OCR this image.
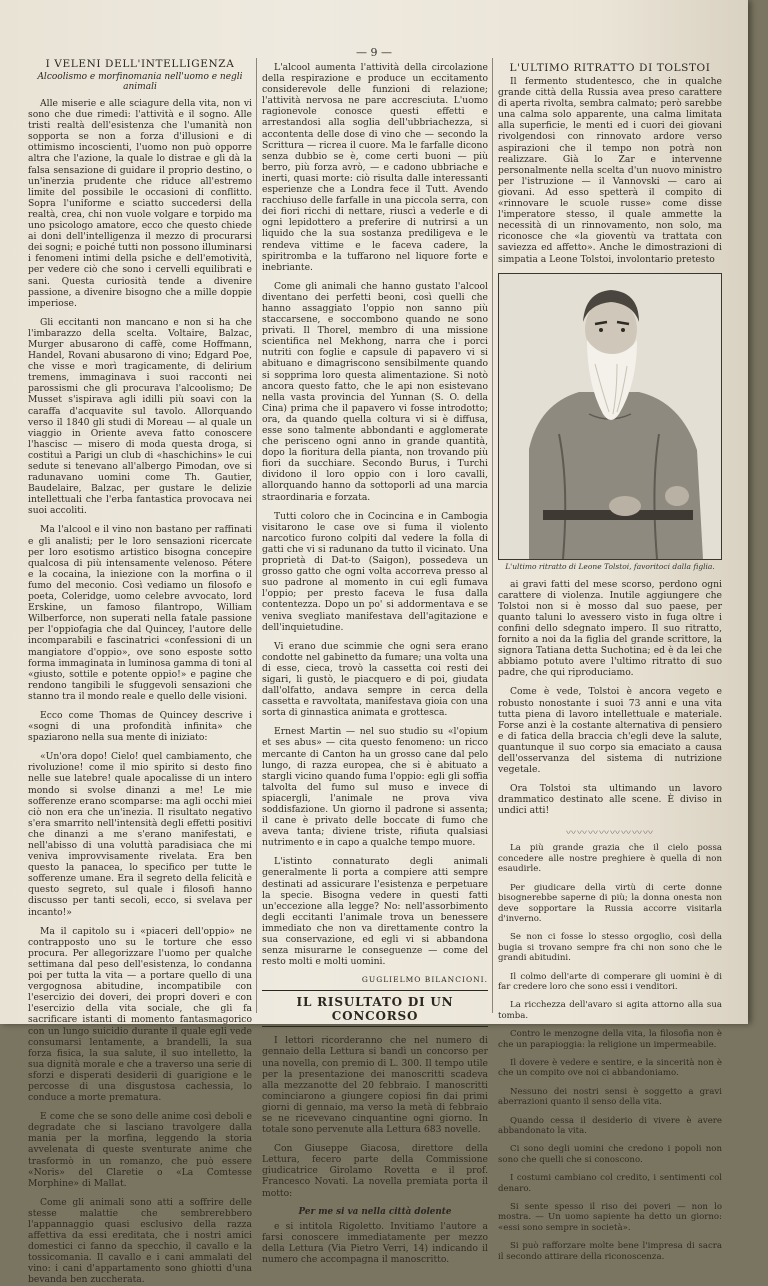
— 9 —
I VELENI DELL'INTELLIGENZA
Alcoolismo e morfinomania nell'uomo e negli animali

Alle miserie e alle sciagure della vita, non vi sono che due rimedi: l'attività e il sogno. Alle tristi realtà dell'esistenza che l'umanità non sopporta se non a forza d'illusioni e di ottimismo incoscienti, l'uomo non può opporre altra che l'azione, la quale lo distrae e gli dà la falsa sensazione di guidare il proprio destino, o un'inerzia prudente che riduce all'estremo limite del possibile le occasioni di conflitto. Sopra l'uniforme e sciatto succedersi della realtà, crea, chi non vuole volgare e torpido ma uno psicologo amatore, ecco che questo chiede ai doni dell'intelligenza il mezzo di procurarsi dei sogni; e poiché tutti non possono illuminarsi i fenomeni intimi della psiche e dell'emotività, per vedere ciò che sono i cervelli equilibrati e sani. Questa curiosità tende a divenire passione, a divenire bisogno che a mille doppie imperiose.

Gli eccitanti non mancano e non si ha che l'imbarazzo della scelta. Voltaire, Balzac, Murger abusarono di caffè, come Hoffmann, Handel, Rovani abusarono di vino; Edgard Poe, che visse e morì tragicamente, di delirium tremens, immaginava i suoi racconti nei parossismi che gli procurava l'alcoolismo; De Musset s'ispirava agli idilli più soavi con la caraffa d'acquavite sul tavolo. Allorquando verso il 1840 gli studi di Moreau — al quale un viaggio in Oriente aveva fatto conoscere l'hascisc — misero di moda questa droga, si costituì a Parigi un club di «haschichins» le cui sedute si tenevano all'albergo Pimodan, ove si radunavano uomini come Th. Gautier, Baudelaire, Balzac, per gustare le delizie intellettuali che l'erba fantastica provocava nei suoi accoliti.

Ma l'alcool e il vino non bastano per raffinati e gli analisti; per le loro sensazioni ricercate per loro esotismo artistico bisogna concepire qualcosa di più intensamente velenoso. Pétere e la cocaina, la iniezione con la morfina o il fumo del meconio. Così vediamo un filosofo e poeta, Coleridge, uomo celebre avvocato, lord Erskine, un famoso filantropo, William Wilberforce, non superati nella fatale passione per l'oppiofagia che dal Quincey, l'autore delle incomparabili e fascinatrici «confessioni di un mangiatore d'oppio», ove sono esposte sotto forma immaginata in luminosa gamma di toni al «giusto, sottile e potente oppio!» e pagine che rendono tangibili le sfuggevoli sensazioni che stanno tra il mondo reale e quello delle visioni.

Ecco come Thomas de Quincey descrive i «sogni di una profondità infinita» che spaziarono nella sua mente di iniziato:

«Un'ora dopo! Cielo! quel cambiamento, che rivoluzione! come il mio spirito si desto fino nelle sue latebre! quale apocalisse di un intero mondo si svolse dinanzi a me! Le mie sofferenze erano scomparse: ma agli occhi miei ciò non era che un'inezia. Il risultato negativo s'era smarrito nell'intensità degli effetti positivi che dinanzi a me s'erano manifestati, e nell'abisso di una voluttà paradisiaca che mi veniva improvvisamente rivelata. Era ben questo la panacea, lo specifico per tutte le sofferenze umane. Era il segreto della felicità e questo segreto, sul quale i filosofi hanno discusso per tanti secoli, ecco, si svelava per incanto!»

Ma il capitolo su i «piaceri dell'oppio» ne contrapposto uno su le torture che esso procura. Per allegorizzare l'uomo per qualche settimana dal peso dell'esistenza, lo condanna poi per tutta la vita — a portare quello di una vergognosa abitudine, incompatibile con l'esercizio dei doveri, dei propri doveri e con l'esercizio della vita sociale, che gli fa sacrificare istanti di momento fantasmagorico con un lungo suicidio durante il quale egli vede consumarsi lentamente, a brandelli, la sua forza fisica, la sua salute, il suo intelletto, la sua dignità morale e che a traverso una serie di sforzi e disperati desiderii di guarigione e le percosse di una disgustosa cachessia, lo conduce a morte prematura.

E come che se sono delle anime così deboli e degradate che si lasciano travolgere dalla mania per la morfina, leggendo la storia avvelenata di queste sventurate anime che trasformò in un romanzo, che può essere «Noris» del Claretie o «La Comtesse Morphine» di Mallat.

Come gli animali sono atti a soffrire delle stesse malattie che sembrerebbero l'appannaggio quasi esclusivo della razza affettiva da essi ereditata, che i nostri amici domestici ci fanno da specchio, il cavallo e la tossicomania. Il cavallo e i cani ammalati del vino: i cani d'appartamento sono ghiotti d'una bevanda ben zuccherata.

L'alcool aumenta l'attività della circolazione della respirazione e produce un eccitamento considerevole delle funzioni di relazione; l'attività nervosa ne pare accresciuta. L'uomo ragionevole conosce questi effetti e arrestandosi alla soglia dell'ubbriachezza, si accontenta delle dose di vino che — secondo la Scrittura — ricrea il cuore. Ma le farfalle dicono senza dubbio se è, come certi buoni — più berro, più forza avrò, — e cadono ubbriache e inerti, quasi morte: ciò risulta dalle interessanti esperienze che a Londra fece il Tutt. Avendo racchiuso delle farfalle in una piccola serra, con dei fiori ricchi di nettare, riuscì a vederle e di ogni lepidottero a preferire di nutrirsi a un liquido che la sua sostanza prediligeva e le rendeva vittime e le faceva cadere, la spiritromba e la tuffarono nel liquore forte e inebriante.

Come gli animali che hanno gustato l'alcool diventano dei perfetti beoni, così quelli che hanno assaggiato l'oppio non sanno più staccarsene, e soccombono quando ne sono privati. Il Thorel, membro di una missione scientifica nel Mekhong, narra che i porci nutriti con foglie e capsule di papavero vi si abituano e dimagriscono sensibilmente quando si sopprima loro questa alimentazione. Si notò ancora questo fatto, che le api non esistevano nella vasta provincia del Yunnan (S. O. della Cina) prima che il papavero vi fosse introdotto; ora, da quando quella coltura vi si è diffusa, esse sono talmente abbondanti e agglomerate che perisceno ogni anno in grande quantità, dopo la fioritura della pianta, non trovando più fiori da succhiare. Secondo Burus, i Turchi dividono il loro oppio con i loro cavalli, allorquando hanno da sottoporli ad una marcia straordinaria e forzata.

Tutti coloro che in Cocincina e in Cambogia visitarono le case ove si fuma il violento narcotico furono colpiti dal vedere la folla di gatti che vi si radunano da tutto il vicinato. Una proprietà di Dat-to (Saigon), possedeva un grosso gatto che ogni volta accorreva presso al suo padrone al momento in cui egli fumava l'oppio; per presto faceva le fusa dalla contentezza. Dopo un po' si addormentava e se veniva svegliato manifestava dell'agitazione e dell'inquietudine.

Vi erano due scimmie che ogni sera erano condotte nel gabinetto da fumare; una volta una di esse, cieca, trovò la cassetta coi resti dei sigari, li gustò, le piacquero e di poi, giudata dall'olfatto, andava sempre in cerca della cassetta e ravvoltata, manifestava gioia con una sorta di ginnastica animata e grottesca.

Ernest Martin — nel suo studio su «l'opium et ses abus» — cita questo fenomeno: un ricco mercante di Canton ha un grosso cane dal pelo lungo, di razza europea, che si è abituato a stargli vicino quando fuma l'oppio: egli gli soffia talvolta del fumo sul muso e invece di spiacergli, l'animale ne prova viva soddisfazione. Un giorno il padrone si assenta; il cane è privato delle boccate di fumo che aveva tanta; diviene triste, rifiuta qualsiasi nutrimento e in capo a qualche tempo muore.

L'istinto connaturato degli animali generalmente li porta a compiere atti sempre destinati ad assicurare l'esistenza e perpetuare la specie. Bisogna vedere in questi fatti un'eccezione alla legge? No: nell'assorbimento degli eccitanti l'animale trova un benessere immediato che non va direttamente contro la sua conservazione, ed egli vi si abbandona senza misurarne le conseguenze — come del resto molti e molti uomini.

GUGLIELMO BILANCIONI.
IL RISULTATO DI UN CONCORSO

I lettori ricorderanno che nel numero di gennaio della Lettura si bandì un concorso per una novella, con premio di L. 300. Il tempo utile per la presentazione dei manoscritti scadeva alla mezzanotte del 20 febbraio. I manoscritti cominciarono a giungere copiosi fin dai primi giorni di gennaio, ma verso la metà di febbraio se ne ricevevano cinquantine ogni giorno. In totale sono pervenute alla Lettura 683 novelle.

Con Giuseppe Giacosa, direttore della Lettura, fecero parte della Commissione giudicatrice Girolamo Rovetta e il prof. Francesco Novati. La novella premiata porta il motto:

Per me si va nella città dolente

e si intitola Rigoletto. Invitiamo l'autore a farsi conoscere immediatamente per mezzo della Lettura (Via Pietro Verri, 14) indicando il numero che accompagna il manoscritto.

L'ULTIMO RITRATTO DI TOLSTOI

Il fermento studentesco, che in qualche grande città della Russia avea preso carattere di aperta rivolta, sembra calmato; però sarebbe una calma solo apparente, una calma limitata alla superficie, le menti ed i cuori dei giovani rivolgendosi con rinnovato ardore verso aspirazioni che il tempo non potrà non realizzare. Già lo Zar e intervenne personalmente nella scelta d'un nuovo ministro per l'istruzione — il Vannovski — caro ai giovani. Ad esso spetterà il compito di «rinnovare le scuole russe» come disse l'imperatore stesso, il quale ammette la necessità di un rinnovamento, non solo, ma riconosce che «la gioventù va trattata con saviezza ed affetto». Anche le dimostrazioni di simpatia a Leone Tolstoi, involontario pretesto

L'ultimo ritratto di Leone Tolstoi, favoritoci dalla figlia.

ai gravi fatti del mese scorso, perdono ogni carattere di violenza. Inutile aggiungere che Tolstoi non si è mosso dal suo paese, per quanto taluni lo avessero visto in fuga oltre i confini dello sdegnato impero. Il suo ritratto, fornito a noi da la figlia del grande scrittore, la signora Tatiana detta Suchotina; ed è da lei che abbiamo potuto avere l'ultimo ritratto di suo padre, che qui riproduciamo.

Come è vede, Tolstoi è ancora vegeto e robusto nonostante i suoi 73 anni e una vita tutta piena di lavoro intellettuale e materiale. Forse anzi è la costante alternativa di pensiero e di fatica della braccia ch'egli deve la salute, quantunque il suo corpo sia emaciato a causa dell'osservanza del sistema di nutrizione vegetale.

Ora Tolstoi sta ultimando un lavoro drammatico destinato alle scene. È diviso in undici atti!

〰〰〰〰〰〰〰〰

La più grande grazia che il cielo possa concedere alle nostre preghiere è quella di non esaudirle.

Per giudicare della virtù di certe donne bisognerebbe saperne di più; la donna onesta non deve sopportare la Russia accorre visitarla d'inverno.

Se non ci fosse lo stesso orgoglio, così della bugia si trovano sempre fra chi non sono che le grandi abitudini.

Il colmo dell'arte di comperare gli uomini è di far credere loro che sono essi i venditori.

La ricchezza dell'avaro si agita attorno alla sua tomba.

Contro le menzogne della vita, la filosofia non è che un parapioggia: la religione un impermeabile.

Il dovere è vedere e sentire, e la sincerità non è che un compito ove noi ci abbandoniamo.

Nessuno dei nostri sensi è soggetto a gravi aberrazioni quanto il senso della vita.

Quando cessa il desiderio di vivere è avere abbandonato la vita.

Ci sono degli uomini che credono i popoli non sono che quelli che si conoscono.

I costumi cambiano col credito, i sentimenti col denaro.

Si sente spesso il riso dei poveri — non lo mostra. — Un uomo sapiente ha detto un giorno: «essi sono sempre in società».

Si può rafforzare molte bene l'impresa di sacra il secondo attirare della riconoscenza.
